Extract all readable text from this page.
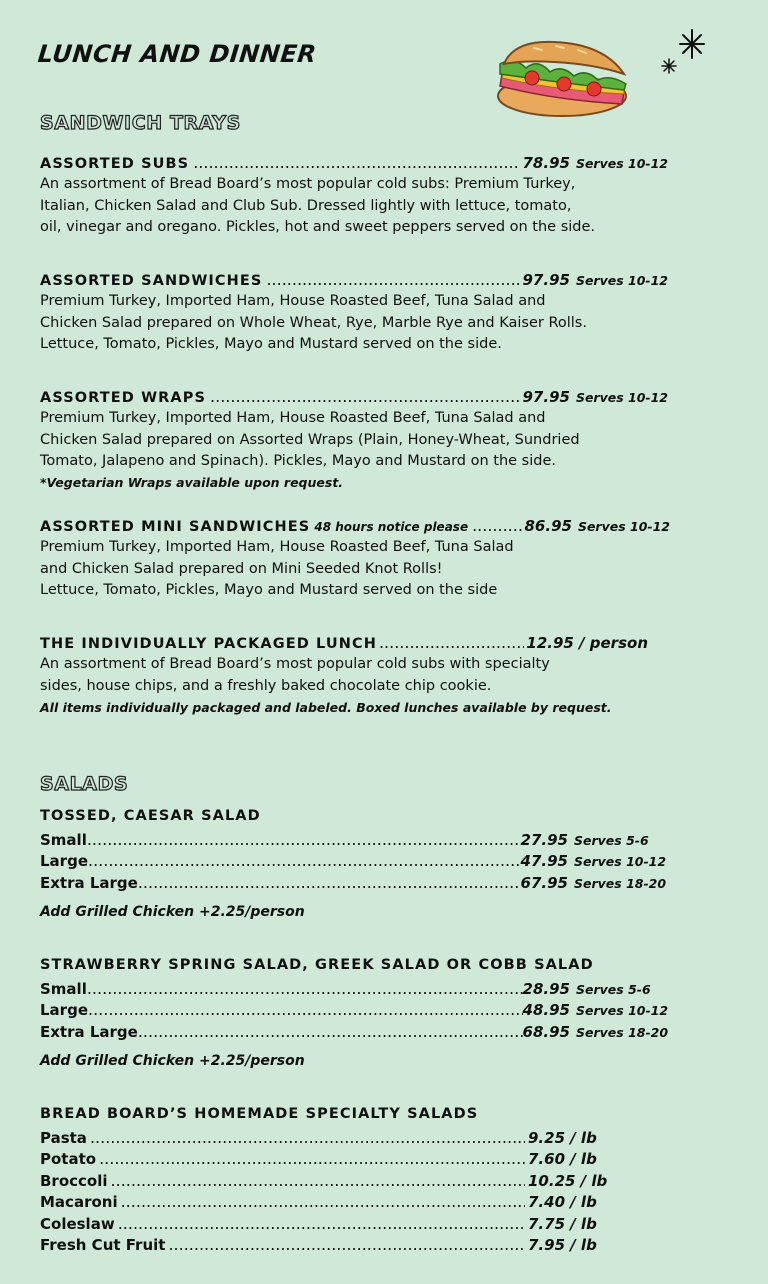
LUNCH AND DINNER
SANDWICH TRAYS
ASSORTED SUBS .....	78.95 Serves 10-12
An assortment of Bread Board’s most popular cold subs: Premium Turkey,
Italian, Chicken Salad and Club Sub. Dressed lightly with lettuce, tomato,
oil, vinegar and oregano. Pickles, hot and sweet peppers served on the side.
ASSORTED SANDWICHES .....	97.95 Serves 10-12
Premium Turkey, Imported Ham, House Roasted Beef, Tuna Salad and
Chicken Salad prepared on Whole Wheat, Rye, Marble Rye and Kaiser Rolls.
Lettuce, Tomato, Pickles, Mayo and Mustard served on the side.
ASSORTED WRAPS .....	97.95 Serves 10-12
Premium Turkey, Imported Ham, House Roasted Beef, Tuna Salad and
Chicken Salad prepared on Assorted Wraps (Plain, Honey-Wheat, Sundried
Tomato, Jalapeno and Spinach). Pickles, Mayo and Mustard on the side.
*Vegetarian Wraps available upon request.
ASSORTED MINI SANDWICHES 48 hours notice please .....	86.95 Serves 10-12
Premium Turkey, Imported Ham, House Roasted Beef, Tuna Salad
and Chicken Salad prepared on Mini Seeded Knot Rolls!
Lettuce, Tomato, Pickles, Mayo and Mustard served on the side
THE INDIVIDUALLY PACKAGED LUNCH .....	12.95 / person
An assortment of Bread Board’s most popular cold subs with specialty
sides, house chips, and a freshly baked chocolate chip cookie.
All items individually packaged and labeled. Boxed lunches available by request.
SALADS
TOSSED, CAESAR SALAD
Small .....	27.95 Serves 5-6
Large .....	47.95 Serves 10-12
Extra Large .....	67.95 Serves 18-20
Add Grilled Chicken +2.25/person
STRAWBERRY SPRING SALAD, GREEK SALAD OR COBB SALAD
Small .....	28.95 Serves 5-6
Large .....	48.95 Serves 10-12
Extra Large .....	68.95 Serves 18-20
Add Grilled Chicken +2.25/person
BREAD BOARD’S HOMEMADE SPECIALTY SALADS
Pasta .....	9.25 / lb
Potato .....	7.60 / lb
Broccoli .....	10.25 / lb
Macaroni .....	7.40 / lb
Coleslaw .....	7.75 / lb
Fresh Cut Fruit .....	7.95 / lb
